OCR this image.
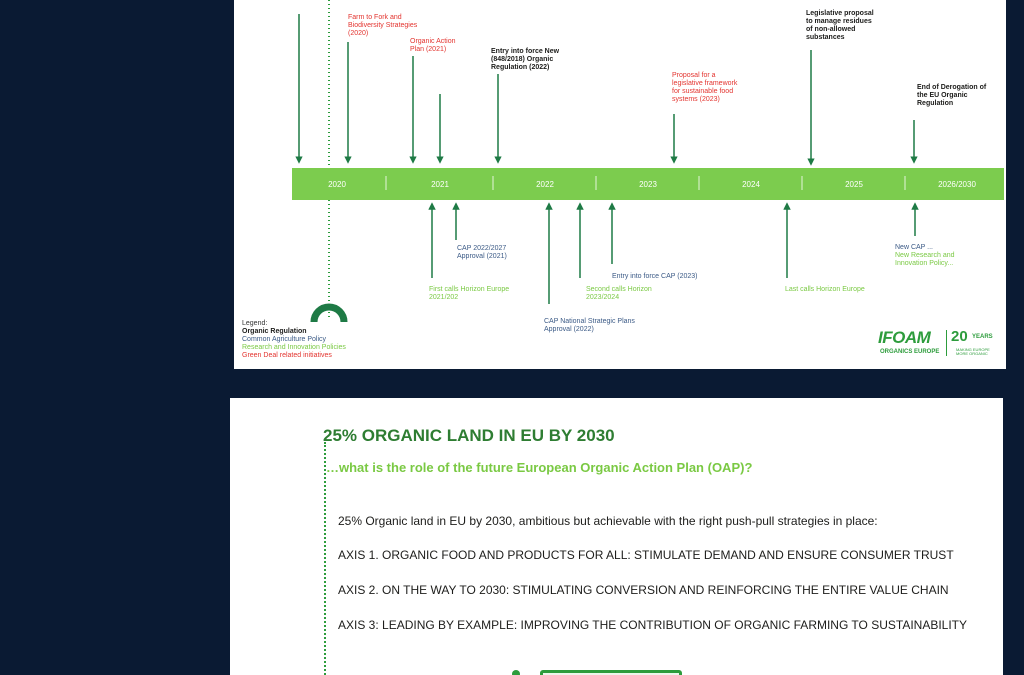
2020	2021	2022	2023	2024	2025	2026/2030
Farm to Fork and
Biodiversity Strategies
(2020)
Organic Action
Plan (2021)	Entry into force New
(848/2018) Organic
Regulation (2022)
Proposal for a
legislative framework
for sustainable food
systems (2023)
Legislative proposal
to manage residues
of non-allowed
substances
End of Derogation of
the EU Organic
Regulation
CAP 2022/2027
Approval (2021)
First calls Horizon Europe
2021/202
CAP National Strategic Plans
Approval (2022)
Second calls Horizon
2023/2024
Entry into force CAP (2023)
Last calls Horizon Europe
New CAP ...
New Research and
Innovation Policy...
Legend:
Organic Regulation
Common Agriculture Policy
Research and Innovation Policies
Green Deal related initiatives
IFOAM
ORGANICS EUROPE
20 YEARS
MAKING EUROPE MORE ORGANIC
25% ORGANIC LAND IN EU BY 2030
…what is the role of the future European Organic Action Plan (OAP)?
25% Organic land in EU by 2030, ambitious but achievable with the right push-pull strategies in place:
AXIS 1. ORGANIC FOOD AND PRODUCTS FOR ALL: STIMULATE DEMAND AND ENSURE CONSUMER TRUST
AXIS 2. ON THE WAY TO 2030: STIMULATING CONVERSION AND REINFORCING THE ENTIRE VALUE CHAIN
AXIS 3: LEADING BY EXAMPLE: IMPROVING THE CONTRIBUTION OF ORGANIC FARMING TO SUSTAINABILITY
